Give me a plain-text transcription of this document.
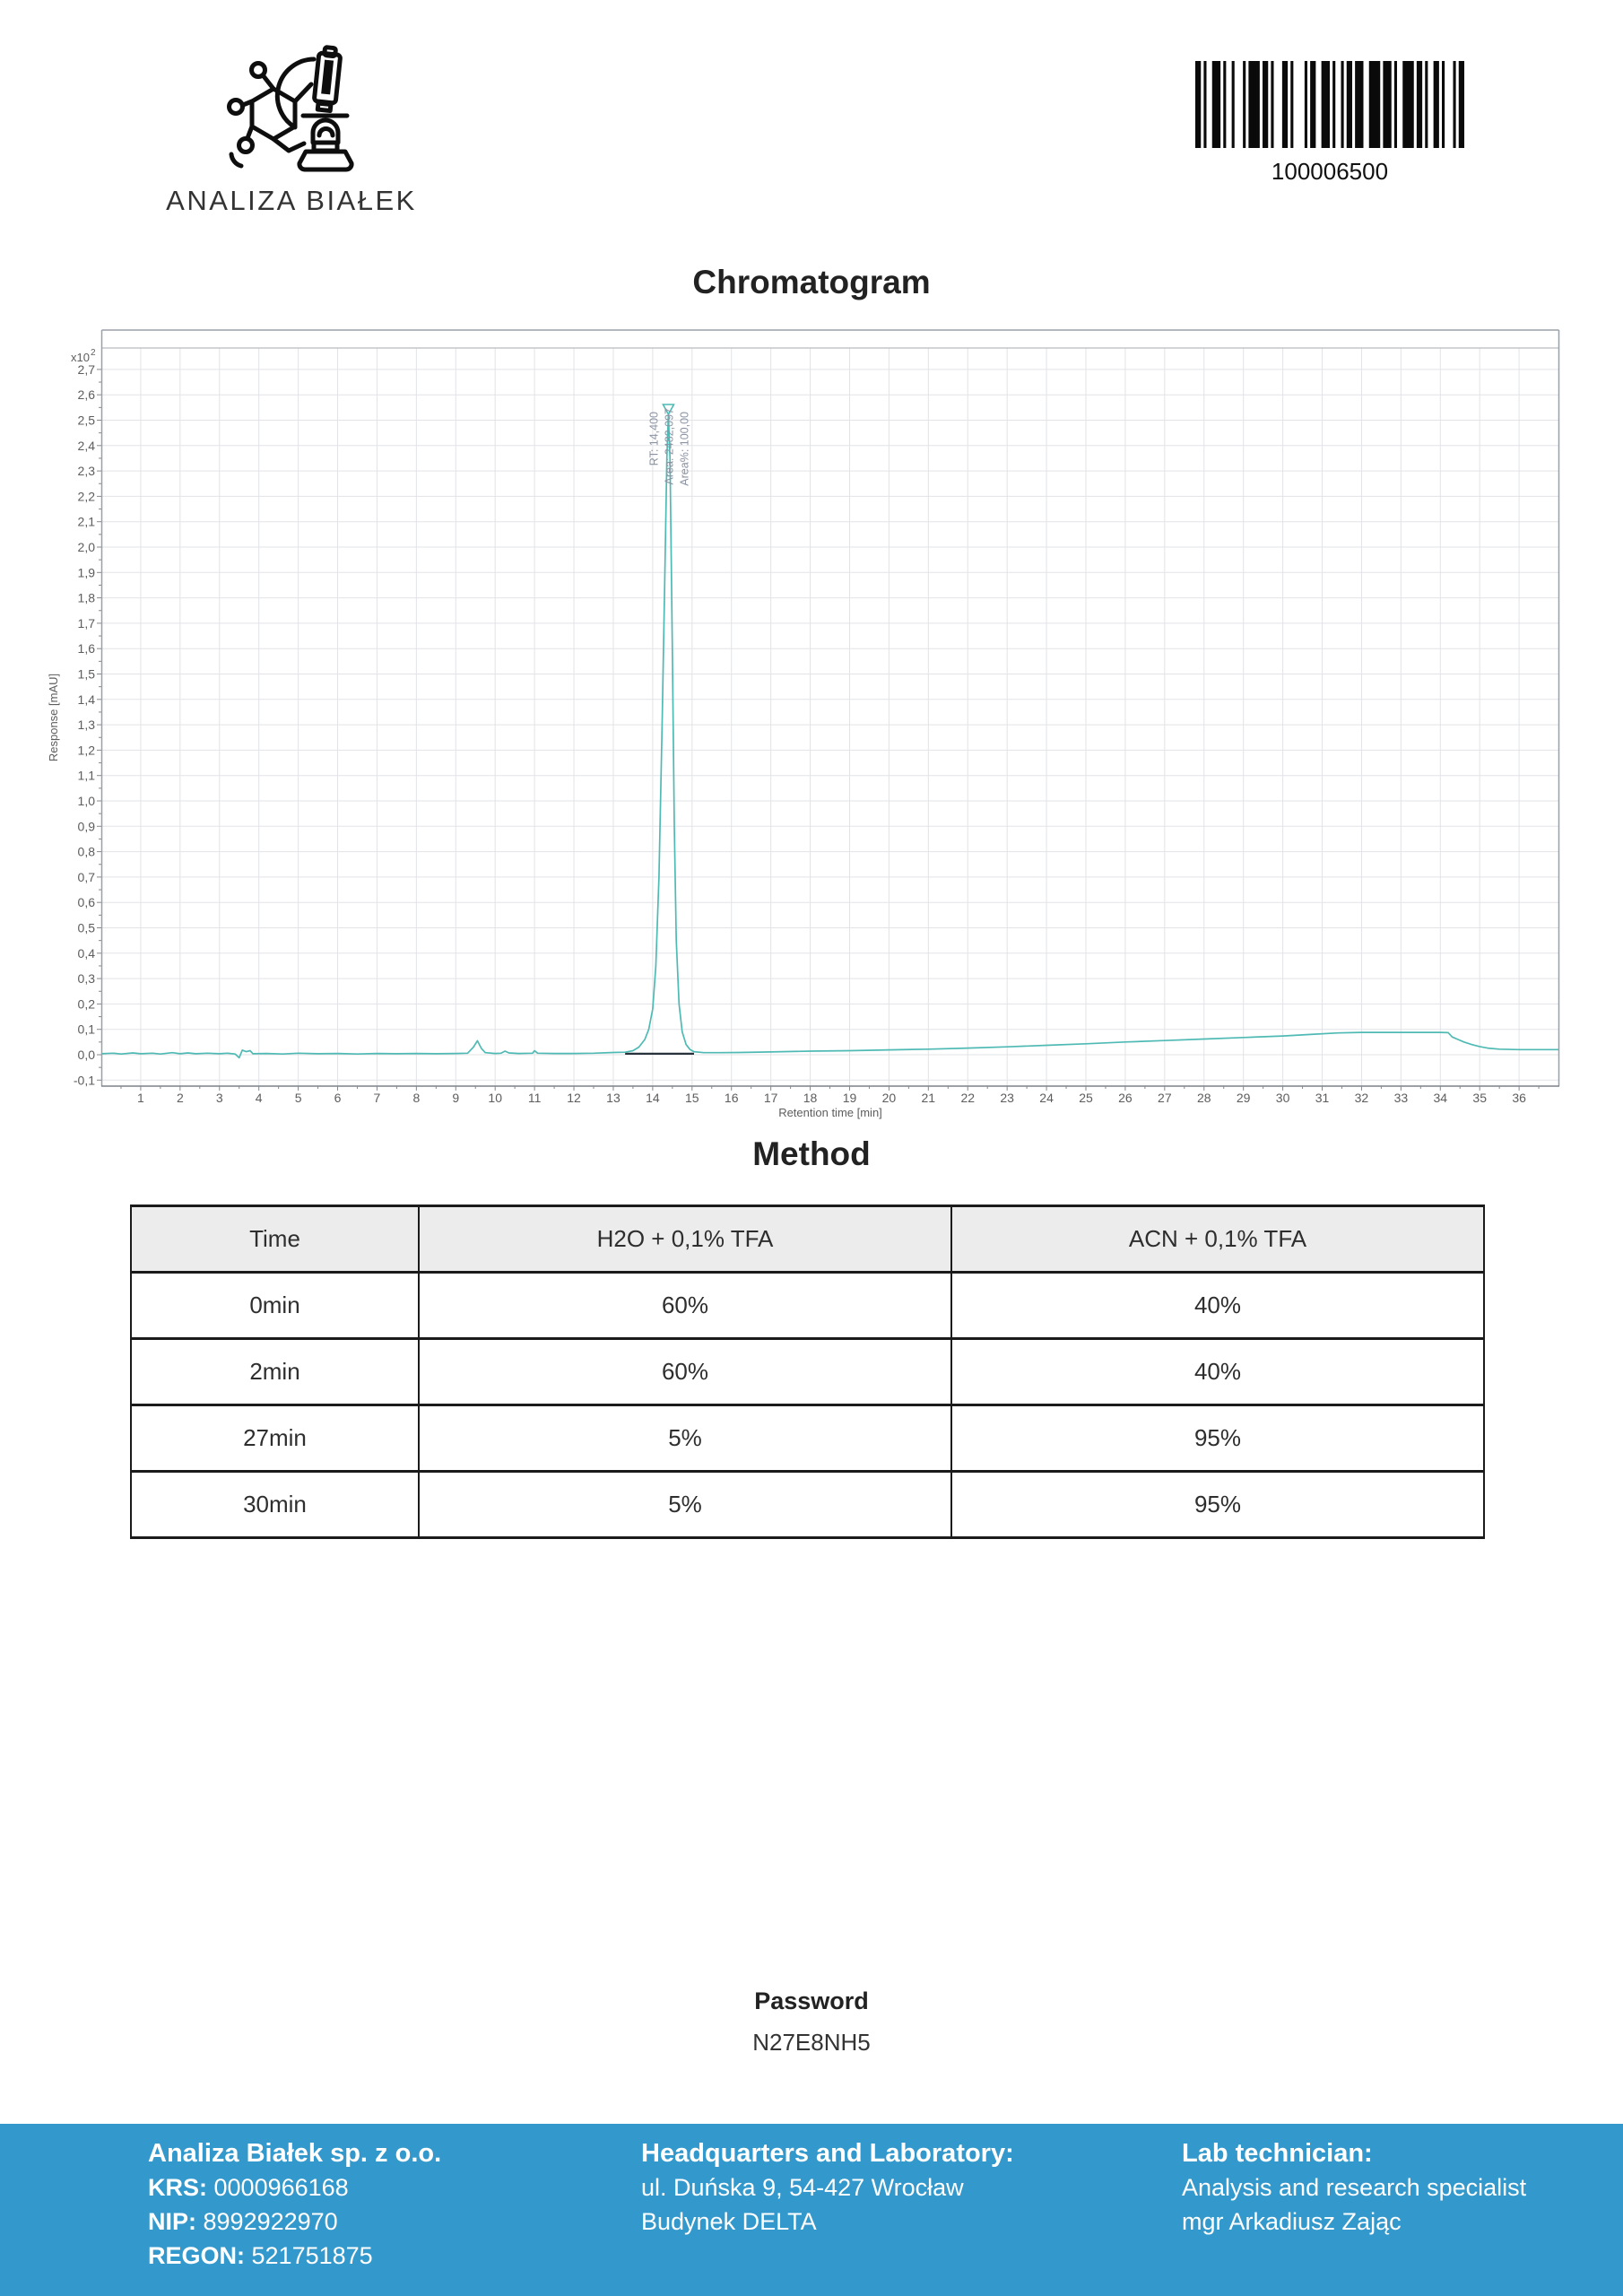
ANALIZA BIAŁEK
100006500
Chromatogram
-0,1
0,0
0,1
0,2
0,3
0,4
0,5
0,6
0,7
0,8
0,9
1,0
1,1
1,2
1,3
1,4
1,5
1,6
1,7
1,8
1,9
2,0
2,1
2,2
2,3
2,4
2,5
2,6
2,7
1	2	3	4	5	6	7	8	9 10 11 12 13 14 15 16 17 18 19 20 21 22 23 24 25 26 27 28 29 30 31 32 33 34 35 36
x10 2
Retention time [min]
Response [mAU]
RT: 14,400 Area: 2482,097 Area%: 100,00
Method
Time	H2O + 0,1% TFA	ACN + 0,1% TFA
0min	60%	40%
2min	60%	40%
27min	5%	95%
30min	5%	95%
Password
N27E8NH5
Analiza Białek sp. z o.o.
KRS: 0000966168
NIP: 8992922970
REGON: 521751875
Headquarters and Laboratory:
ul. Duńska 9, 54-427 Wrocław
Budynek DELTA
Lab technician:
Analysis and research specialist
mgr Arkadiusz Zając
